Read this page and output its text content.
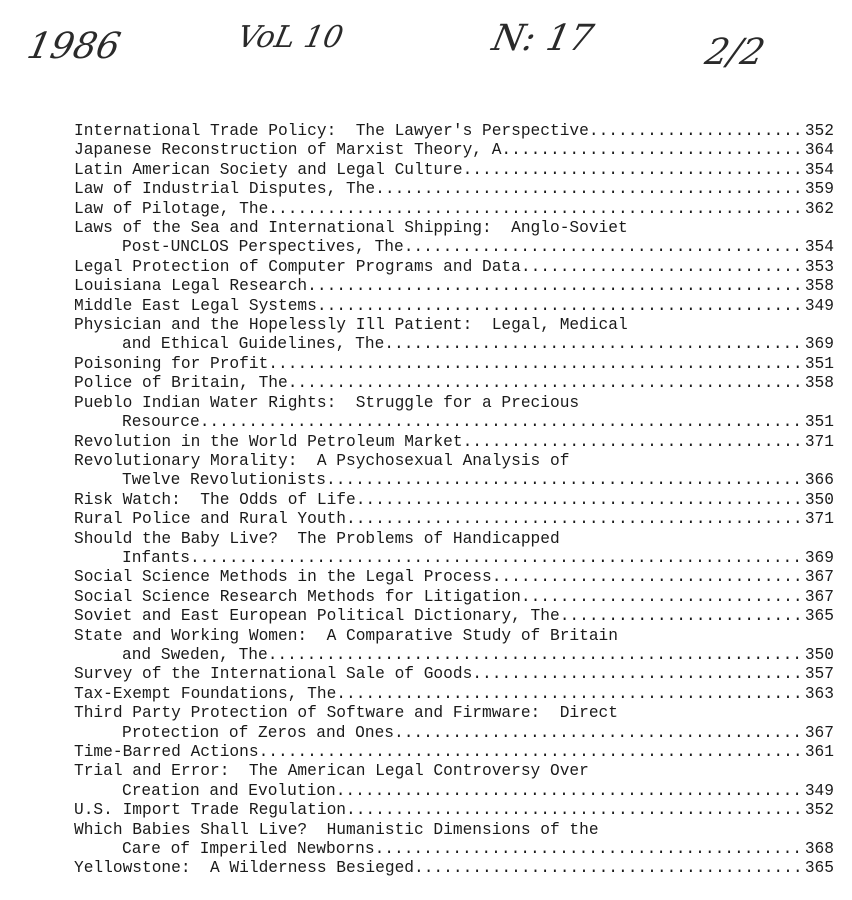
1986	VoL 10	N: 17	2/2
International Trade Policy:  The Lawyer's Perspective .....	352
Japanese Reconstruction of Marxist Theory, A .....	364
Latin American Society and Legal Culture .....	354
Law of Industrial Disputes, The .....	359
Law of Pilotage, The .....	362
Laws of the Sea and International Shipping:  Anglo-Soviet
Post-UNCLOS Perspectives, The .....	354
Legal Protection of Computer Programs and Data .....	353
Louisiana Legal Research .....	358
Middle East Legal Systems .....	349
Physician and the Hopelessly Ill Patient:  Legal, Medical
and Ethical Guidelines, The .....	369
Poisoning for Profit .....	351
Police of Britain, The .....	358
Pueblo Indian Water Rights:  Struggle for a Precious
Resource .....	351
Revolution in the World Petroleum Market .....	371
Revolutionary Morality:  A Psychosexual Analysis of
Twelve Revolutionists .....	366
Risk Watch:  The Odds of Life .....	350
Rural Police and Rural Youth .....	371
Should the Baby Live?  The Problems of Handicapped
Infants .....	369
Social Science Methods in the Legal Process .....	367
Social Science Research Methods for Litigation .....	367
Soviet and East European Political Dictionary, The .....	365
State and Working Women:  A Comparative Study of Britain
and Sweden, The .....	350
Survey of the International Sale of Goods .....	357
Tax-Exempt Foundations, The .....	363
Third Party Protection of Software and Firmware:  Direct
Protection of Zeros and Ones .....	367
Time-Barred Actions .....	361
Trial and Error:  The American Legal Controversy Over
Creation and Evolution .....	349
U.S. Import Trade Regulation .....	352
Which Babies Shall Live?  Humanistic Dimensions of the
Care of Imperiled Newborns .....	368
Yellowstone:  A Wilderness Besieged .....	365
